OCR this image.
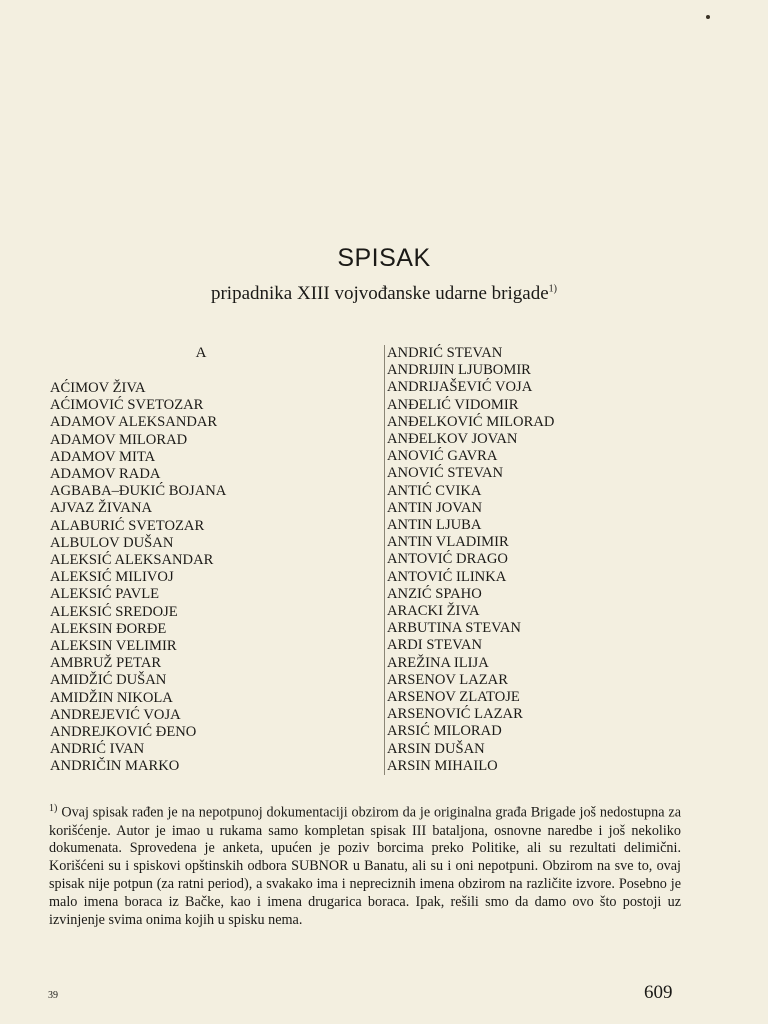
SPISAK
pripadnika XIII vojvođanske udarne brigade$^{1)}$
A
AĆIMOV ŽIVA
AĆIMOVIĆ SVETOZAR
ADAMOV ALEKSANDAR
ADAMOV MILORAD
ADAMOV MITA
ADAMOV RADA
AGBABA–ĐUKIĆ BOJANA
AJVAZ ŽIVANA
ALABURIĆ SVETOZAR
ALBULOV DUŠAN
ALEKSIĆ ALEKSANDAR
ALEKSIĆ MILIVOJ
ALEKSIĆ PAVLE
ALEKSIĆ SREDOJE
ALEKSIN ĐORĐE
ALEKSIN VELIMIR
AMBRUŽ PETAR
AMIDŽIĆ DUŠAN
AMIDŽIN NIKOLA
ANDREJEVIĆ VOJA
ANDREJKOVIĆ ĐENO
ANDRIĆ IVAN
ANDRIČIN MARKO
ANDRIĆ STEVAN
ANDRIJIN LJUBOMIR
ANDRIJAŠEVIĆ VOJA
ANĐELIĆ VIDOMIR
ANĐELKOVIĆ MILORAD
ANĐELKOV JOVAN
ANOVIĆ GAVRA
ANOVIĆ STEVAN
ANTIĆ CVIKA
ANTIN JOVAN
ANTIN LJUBA
ANTIN VLADIMIR
ANTOVIĆ DRAGO
ANTOVIĆ ILINKA
ANZIĆ SPAHO
ARACKI ŽIVA
ARBUTINA STEVAN
ARDI STEVAN
AREŽINA ILIJA
ARSENOV LAZAR
ARSENOV ZLATOJE
ARSENOVIĆ LAZAR
ARSIĆ MILORAD
ARSIN DUŠAN
ARSIN MIHAILO
$^{1)}$ Ovaj spisak rađen je na nepotpunoj dokumentaciji obzirom da je originalna građa Brigade još nedostupna za korišćenje. Autor je imao u rukama samo kompletan spisak III bataljona, osnovne naredbe i još nekoliko dokumenata. Sprovedena je anketa, upućen je poziv borcima preko Politike, ali su rezultati delimični. Korišćeni su i spiskovi opštinskih odbora SUBNOR u Banatu, ali su i oni nepotpuni. Obzirom na sve to, ovaj spisak nije potpun (za ratni period), a svakako ima i nepreciznih imena obzirom na različite izvore. Posebno je malo imena boraca iz Bačke, kao i imena drugarica boraca. Ipak, rešili smo da damo ovo što postoji uz izvinjenje svima onima kojih u spisku nema.
39	609
